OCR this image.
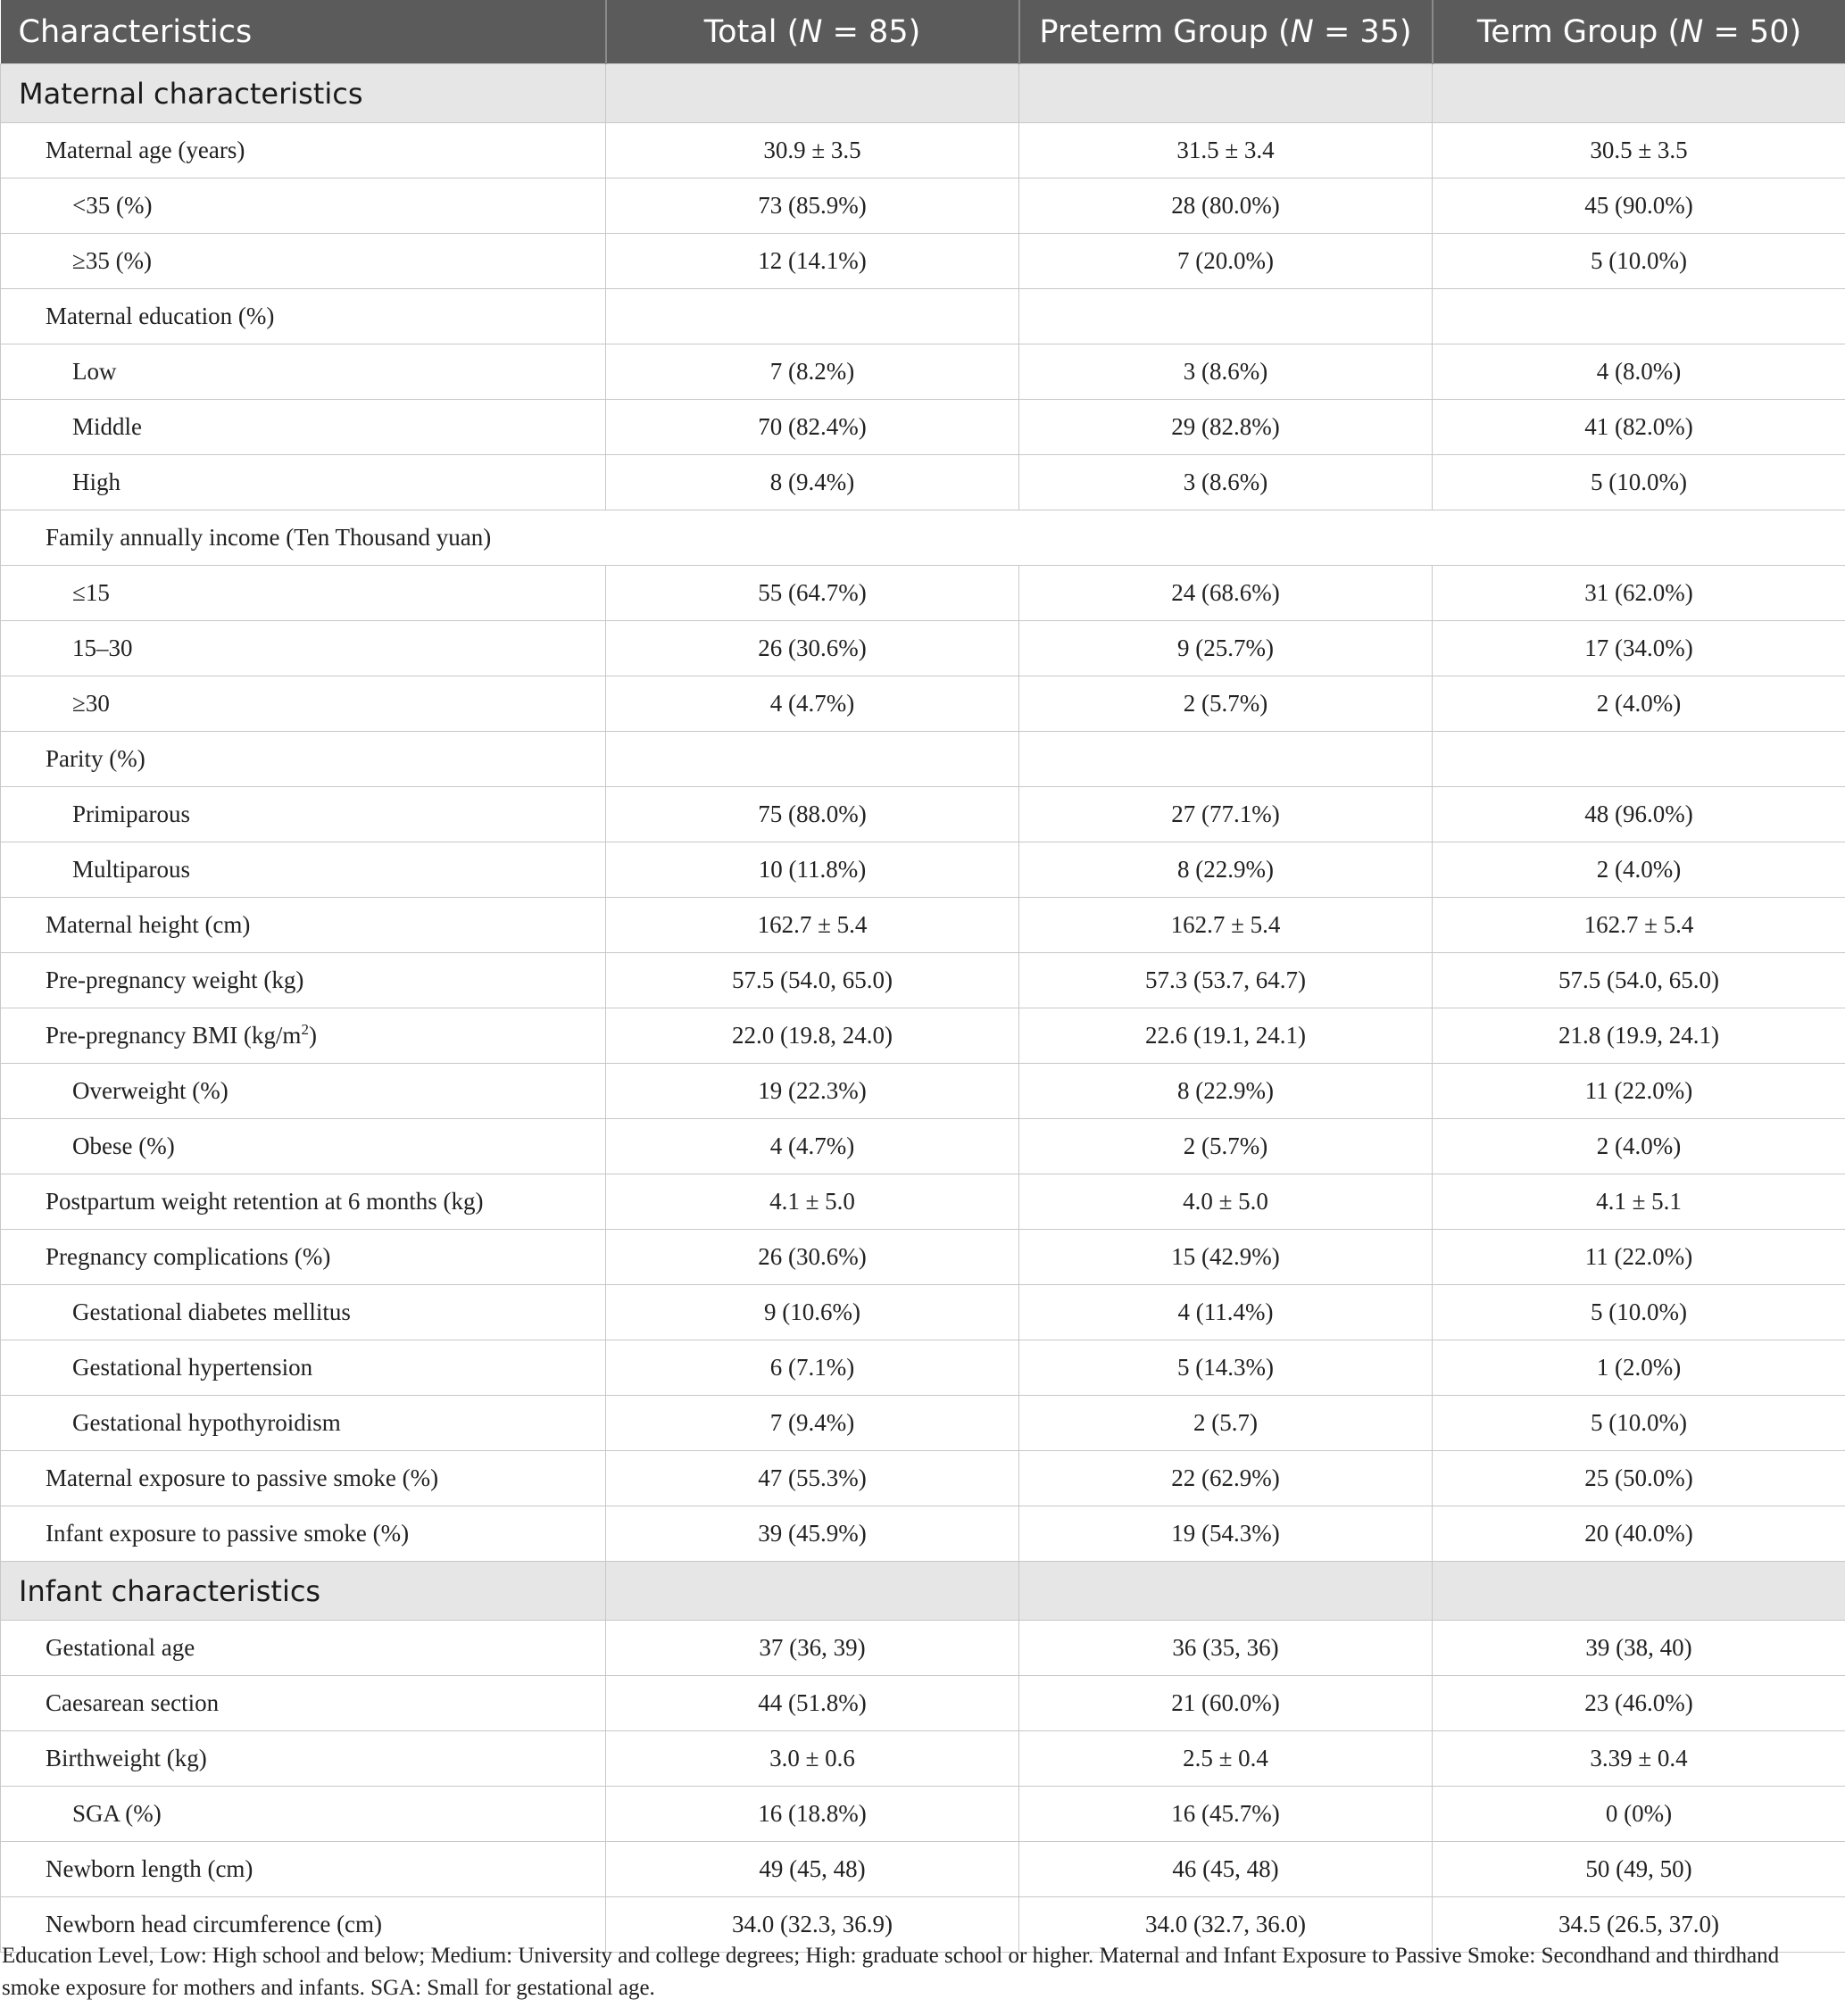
Characteristics	Total (N = 85)	Preterm Group (N = 35)	Term Group (N = 50)
Maternal characteristics			
Maternal age (years)	30.9 ± 3.5	31.5 ± 3.4	30.5 ± 3.5
<35 (%)	73 (85.9%)	28 (80.0%)	45 (90.0%)
≥35 (%)	12 (14.1%)	7 (20.0%)	5 (10.0%)
Maternal education (%)			
Low	7 (8.2%)	3 (8.6%)	4 (8.0%)
Middle	70 (82.4%)	29 (82.8%)	41 (82.0%)
High	8 (9.4%)	3 (8.6%)	5 (10.0%)
Family annually income (Ten Thousand yuan)			
≤15	55 (64.7%)	24 (68.6%)	31 (62.0%)
15–30	26 (30.6%)	9 (25.7%)	17 (34.0%)
≥30	4 (4.7%)	2 (5.7%)	2 (4.0%)
Parity (%)			
Primiparous	75 (88.0%)	27 (77.1%)	48 (96.0%)
Multiparous	10 (11.8%)	8 (22.9%)	2 (4.0%)
Maternal height (cm)	162.7 ± 5.4	162.7 ± 5.4	162.7 ± 5.4
Pre-pregnancy weight (kg)	57.5 (54.0, 65.0)	57.3 (53.7, 64.7)	57.5 (54.0, 65.0)
Pre-pregnancy BMI $(kg/m^2)$	22.0 (19.8, 24.0)	22.6 (19.1, 24.1)	21.8 (19.9, 24.1)
Overweight (%)	19 (22.3%)	8 (22.9%)	11 (22.0%)
Obese (%)	4 (4.7%)	2 (5.7%)	2 (4.0%)
Postpartum weight retention at 6 months (kg)	4.1 ± 5.0	4.0 ± 5.0	4.1 ± 5.1
Pregnancy complications (%)	26 (30.6%)	15 (42.9%)	11 (22.0%)
Gestational diabetes mellitus	9 (10.6%)	4 (11.4%)	5 (10.0%)
Gestational hypertension	6 (7.1%)	5 (14.3%)	1 (2.0%)
Gestational hypothyroidism	7 (9.4%)	2 (5.7)	5 (10.0%)
Maternal exposure to passive smoke (%)	47 (55.3%)	22 (62.9%)	25 (50.0%)
Infant exposure to passive smoke (%)	39 (45.9%)	19 (54.3%)	20 (40.0%)
Infant characteristics			
Gestational age	37 (36, 39)	36 (35, 36)	39 (38, 40)
Caesarean section	44 (51.8%)	21 (60.0%)	23 (46.0%)
Birthweight (kg)	3.0 ± 0.6	2.5 ± 0.4	3.39 ± 0.4
SGA (%)	16 (18.8%)	16 (45.7%)	0 (0%)
Newborn length (cm)	49 (45, 48)	46 (45, 48)	50 (49, 50)
Newborn head circumference (cm)	34.0 (32.3, 36.9)	34.0 (32.7, 36.0)	34.5 (26.5, 37.0)
Education Level, Low: High school and below; Medium: University and college degrees; High: graduate school or higher. Maternal and Infant Exposure to Passive Smoke: Secondhand and thirdhand smoke exposure for mothers and infants. SGA: Small for gestational age.
